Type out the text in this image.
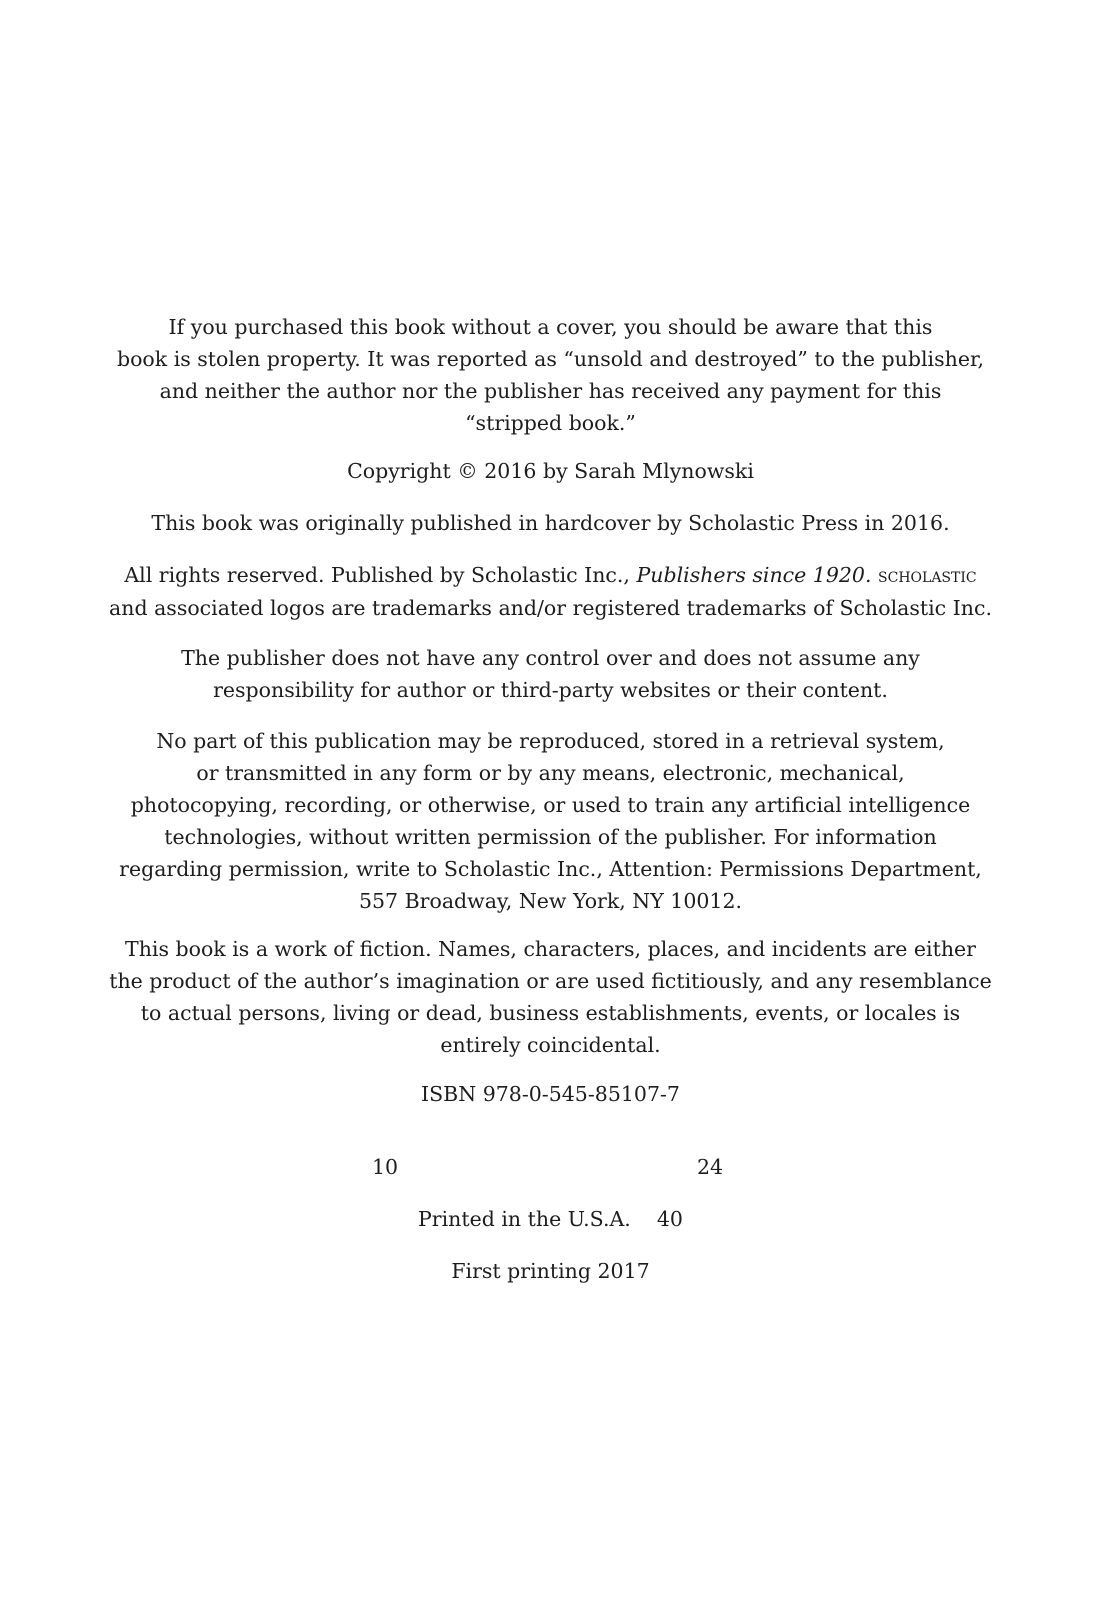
If you purchased this book without a cover, you should be aware that this
book is stolen property. It was reported as “unsold and destroyed” to the publisher,
and neither the author nor the publisher has received any payment for this
“stripped book.”
Copyright © 2016 by Sarah Mlynowski
This book was originally published in hardcover by Scholastic Press in 2016.
All rights reserved. Published by Scholastic Inc., Publishers since 1920. scholastic
and associated logos are trademarks and/or registered trademarks of Scholastic Inc.
The publisher does not have any control over and does not assume any
responsibility for author or third-party websites or their content.
No part of this publication may be reproduced, stored in a retrieval system,
or transmitted in any form or by any means, electronic, mechanical,
photocopying, recording, or otherwise, or used to train any artificial intelligence
technologies, without written permission of the publisher. For information
regarding permission, write to Scholastic Inc., Attention: Permissions Department,
557 Broadway, New York, NY 10012.
This book is a work of fiction. Names, characters, places, and incidents are either
the product of the author’s imagination or are used fictitiously, and any resemblance
to actual persons, living or dead, business establishments, events, or locales is
entirely coincidental.
ISBN 978-0-545-85107-7
10	24
Printed in the U.S.A. 40
First printing 2017
